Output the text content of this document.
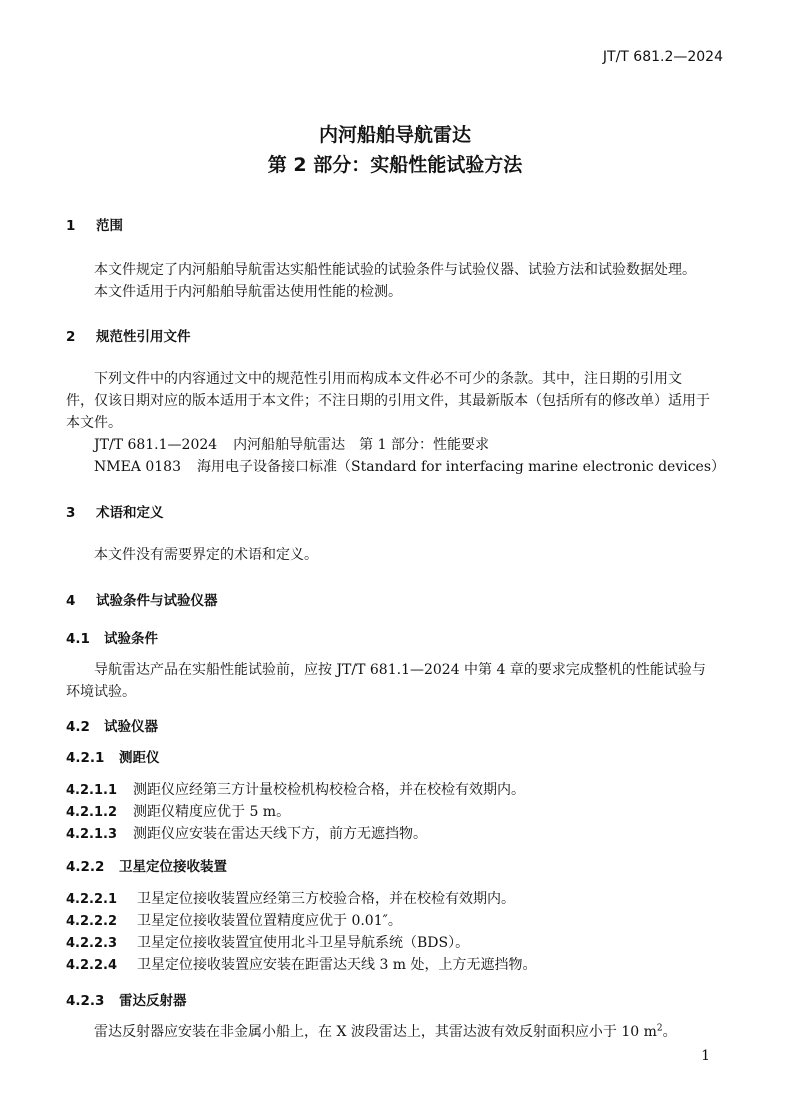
JT/T 681.2—2024
内河船舶导航雷达
第 2 部分：实船性能试验方法
1 范围
本文件规定了内河船舶导航雷达实船性能试验的试验条件与试验仪器、试验方法和试验数据处理。
本文件适用于内河船舶导航雷达使用性能的检测。
2 规范性引用文件
下列文件中的内容通过文中的规范性引用而构成本文件必不可少的条款。其中，注日期的引用文
件，仅该日期对应的版本适用于本文件；不注日期的引用文件，其最新版本（包括所有的修改单）适用于
本文件。
JT/T 681.1—2024 内河船舶导航雷达　第 1 部分：性能要求
NMEA 0183 海用电子设备接口标准（Standard for interfacing marine electronic devices）
3 术语和定义
本文件没有需要界定的术语和定义。
4 试验条件与试验仪器
4.1 试验条件
导航雷达产品在实船性能试验前，应按 JT/T 681.1—2024 中第 4 章的要求完成整机的性能试验与
环境试验。
4.2 试验仪器
4.2.1 测距仪
4.2.1.1 测距仪应经第三方计量校检机构校检合格，并在校检有效期内。
4.2.1.2 测距仪精度应优于 5 m。
4.2.1.3 测距仪应安装在雷达天线下方，前方无遮挡物。
4.2.2 卫星定位接收装置
4.2.2.1 卫星定位接收装置应经第三方校验合格，并在校检有效期内。
4.2.2.2 卫星定位接收装置位置精度应优于 0.01″。
4.2.2.3 卫星定位接收装置宜使用北斗卫星导航系统（BDS）。
4.2.2.4 卫星定位接收装置应安装在距雷达天线 3 m 处，上方无遮挡物。
4.2.3 雷达反射器
雷达反射器应安装在非金属小船上，在 X 波段雷达上，其雷达波有效反射面积应小于 10 $m^2$。
1
